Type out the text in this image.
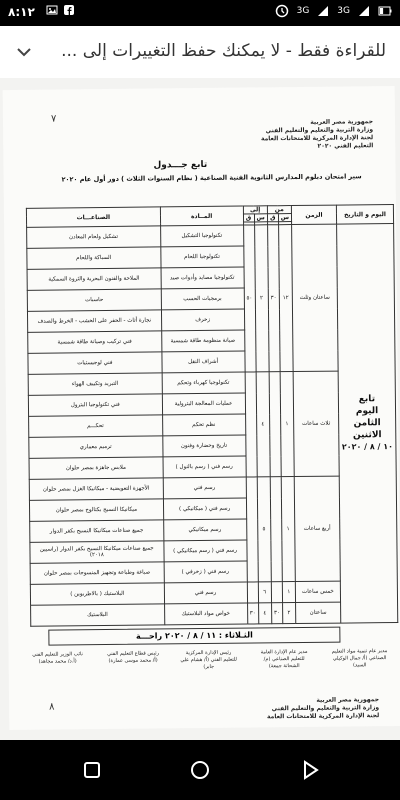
٨:١٢	3G	3G
للقراءة فقط - لا يمكنك حفظ التغييرات إلى ...
٧	جمهورية مصر العربية
وزارة التربية والتعليم والتعليم الفني
لجنة الإدارة المركزية للامتحانات العامة
التعليم الفني ٢٠٢٠
تابع جـــدول
سير امتحان دبلوم المدارس الثانوية الفنية الصناعية ( نظام السنوات الثلاث ) دور أول عام ٢٠٢٠
اليوم و التاريخ	الزمن	من		إلى		المــادة	الصناعـــات
		س	ق	س	ق		

تابع
اليوم الثامن
الاثنين
١٠ / ٨ / ٢٠٢٠	ساعتان وثلث	١٢	٣٠	٢	٥٠	تكنولوجيا التشكيل	تشكيل ولحام المعادن
						تكنولوجيا اللحام	السباكة واللحام
						تكنولوجيا مصايد وأدوات صيد	الملاحة والفنون البحرية والثروة السمكية
						برمجيات الحسب	حاسبات
						زخرف	نجارة أثاث - الحفر على الخشب - الخرط والصدف
						صيانة منظومة طاقة شمسية	فني تركيب وصيانة طاقة شمسية
						أشراف النقل	فني لوجيستيات
	ثلاث ساعات	١		٤		تكنولوجيا كهرباء وتحكم	التبريد وتكييف الهواء
						عمليات المعالجة البترولية	فني تكنولوجيا البترول
						نظم تحكم	تحكـــم
						تاريخ وحضارة وفنون	ترميم معماري
						رسم فني ( رسم بالنول )	ملابس جاهزة بمصر حلوان
	أربع ساعات	١		٥		رسم فني	الأجهزة التعويضية - ميكانيكا الغزل بمصر حلوان
						رسم فني ( ميكانيكي )	ميكانيكا النسيج بكتالوج بمصر حلوان
						رسم ميكانيكي	جميع صناعات ميكانيكا النسيج بكفر الدوار
						رسم فني ( رسم ميكانيكي )	جميع صناعات ميكانيكا النسيج بكفر الدوار (راسيين ٢٠١٨)
						رسم فني ( زخرفي )	صباغة وطباعة وتجهيز المنسوجات بمصر حلوان
	خمس ساعات	١		٦		رسم فني	البلاستيك ( بالاطريوين )
	ساعتان	٢	٣٠	٤	٣٠	خواص مواد البلاستيك	البلاستيك
الثـلاثاء : ١١ / ٨ / ٢٠٢٠ راحـــة
مدير عام تنمية مواد التعليم الصناعي (أ/ جمال الوكيلي السيد)
مدير عام الإدارة العامة للتعليم الصناعي (م/ الشحاتة جمعة)
رئيس الإدارة المركزية للتعليم الفني (أ/ هشام علي جابر)
رئيس قطاع التعليم الفني (أ/ محمد موسى عمارة)
نائب الوزير للتعليم الفني (أ.د/ محمد مجاهد)
٨
جمهورية مصر العربية
وزارة التربية والتعليم والتعليم الفني
لجنة الإدارة المركزية للامتحانات العامة
